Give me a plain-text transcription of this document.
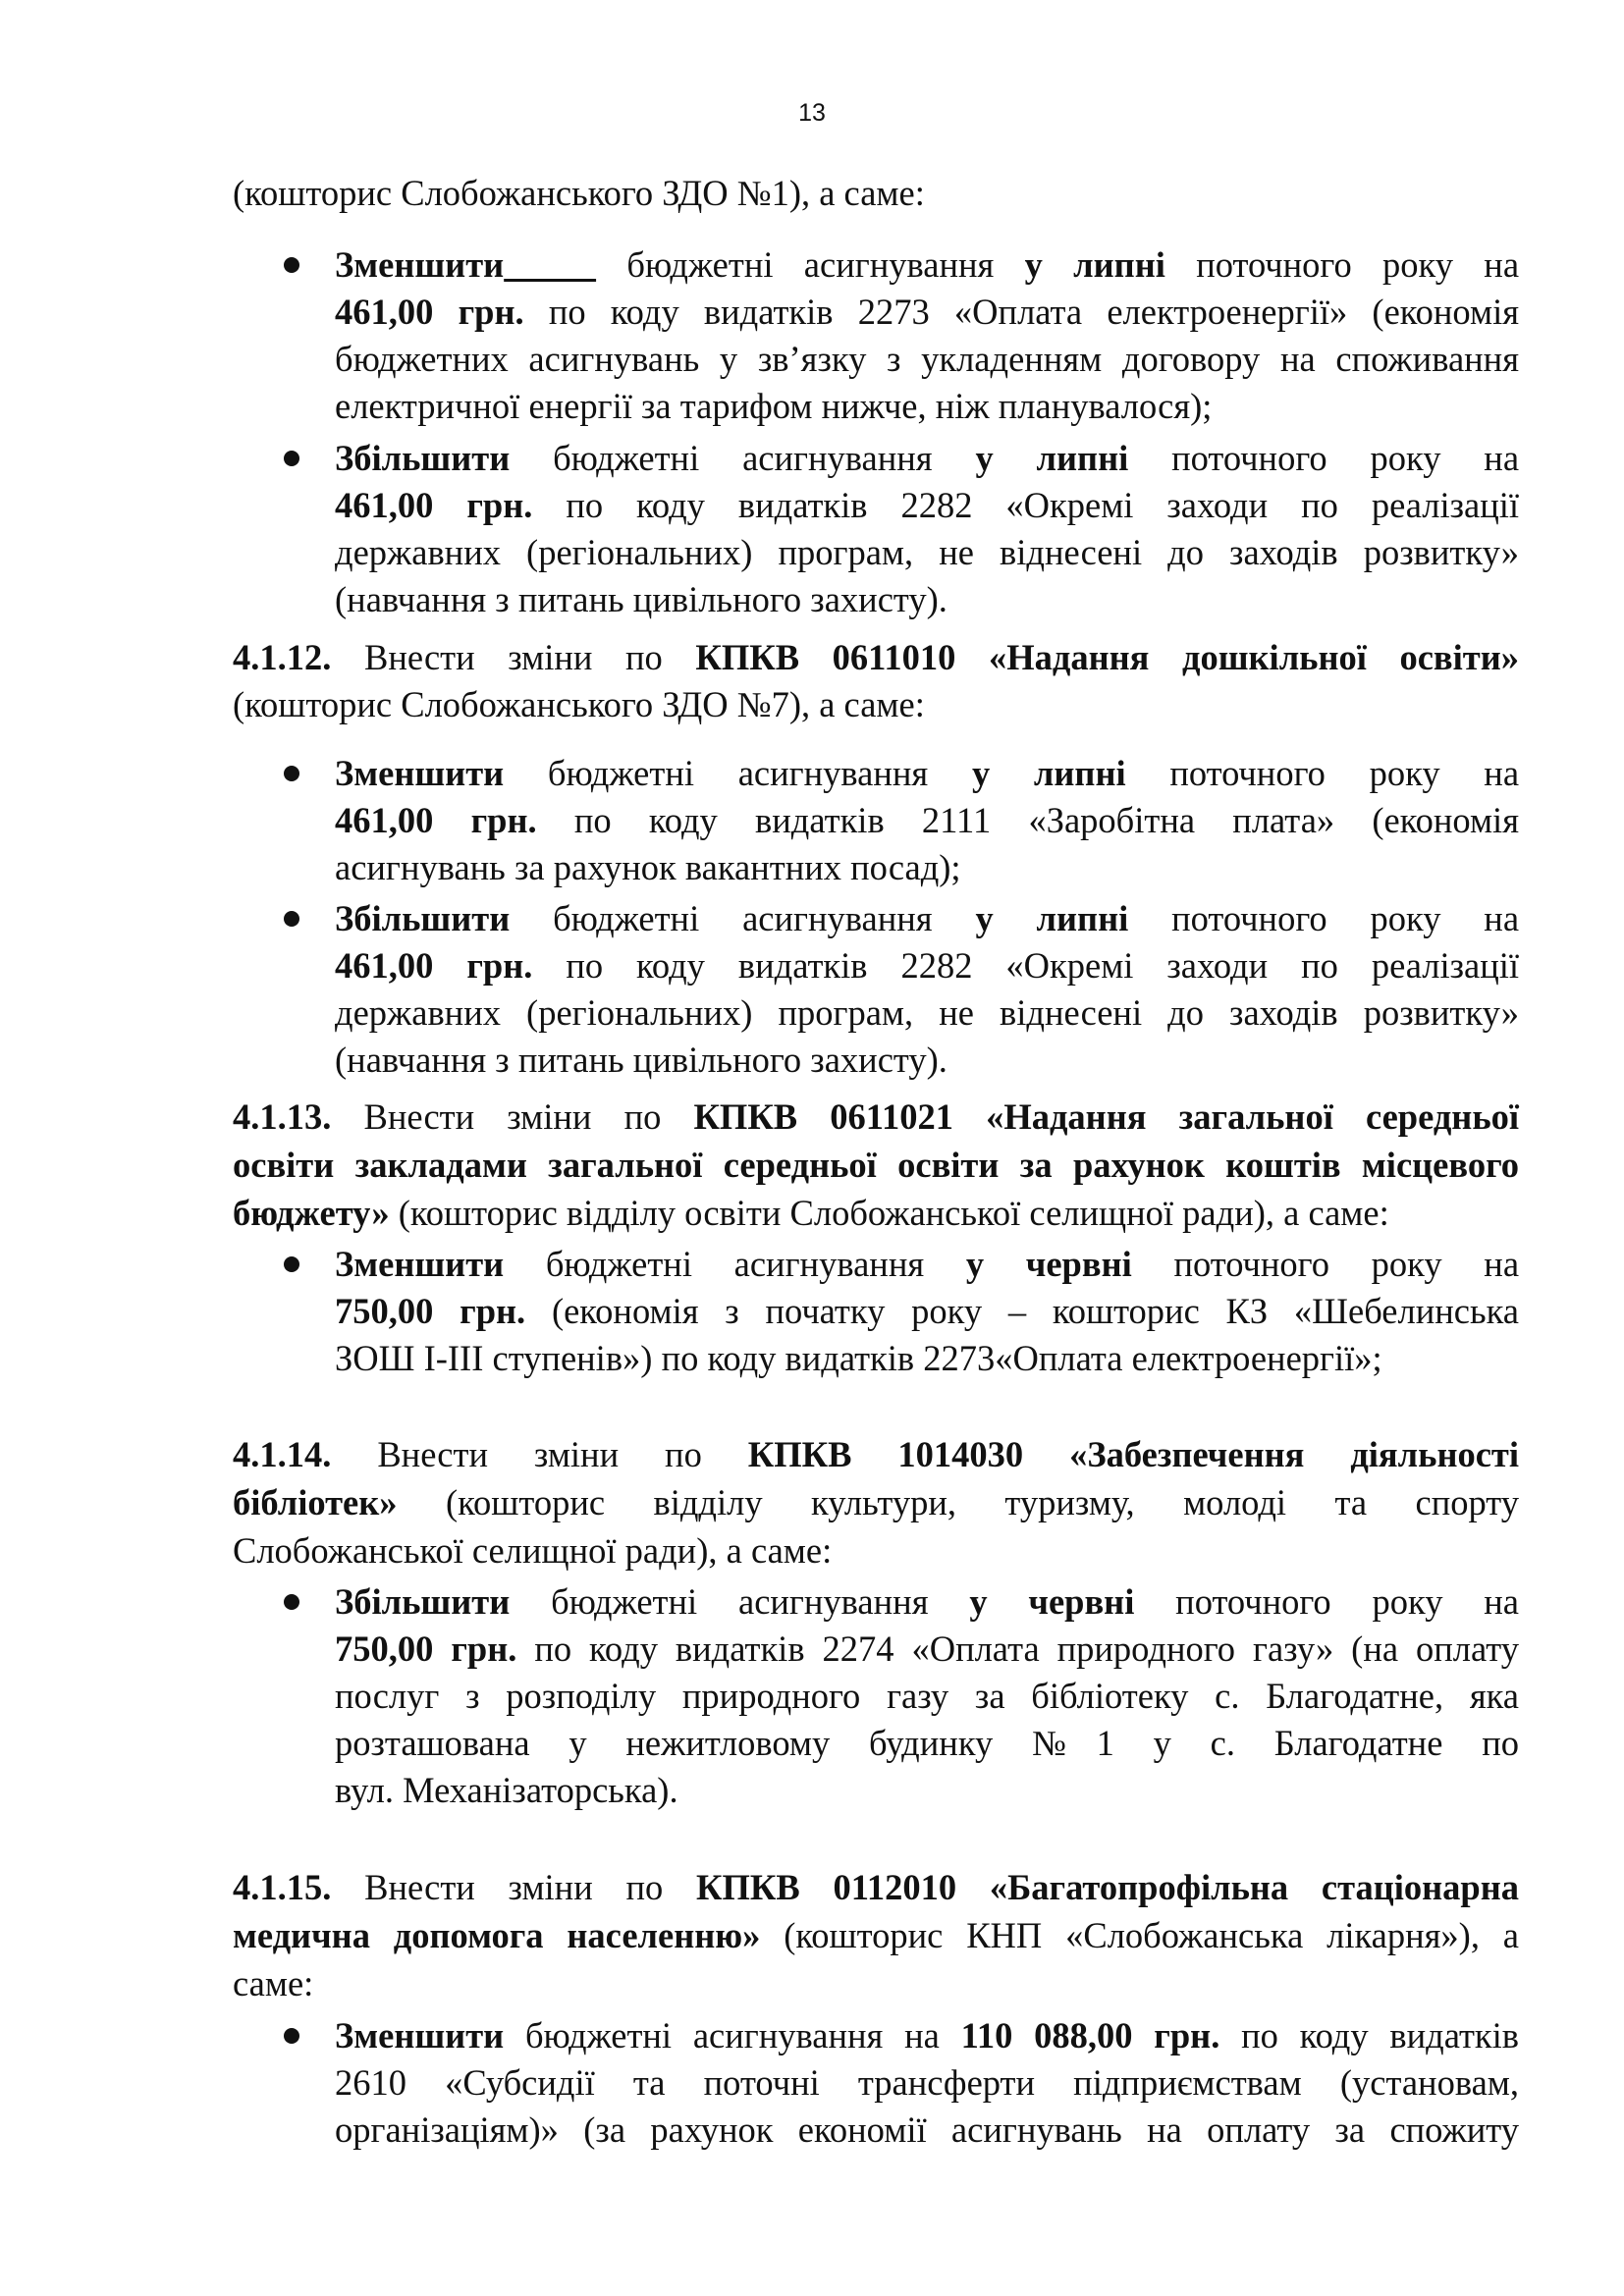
13
(кошторис Слобожанського ЗДО №1), а саме:
Зменшити	бюджетні асигнування у липні поточного року на
461,00 грн. по коду видатків 2273 «Оплата електроенергії» (економія
бюджетних асигнувань у зв’язку з укладенням договору на споживання
електричної енергії за тарифом нижче, ніж планувалося);
Збільшити бюджетні асигнування у липні поточного року на
461,00 грн. по коду видатків 2282 «Окремі заходи по реалізації
державних (регіональних) програм, не віднесені до заходів розвитку»
(навчання з питань цивільного захисту).
4.1.12. Внести зміни по КПКВ 0611010 «Надання дошкільної освіти»
(кошторис Слобожанського ЗДО №7), а саме:
Зменшити бюджетні асигнування у липні поточного року на
461,00 грн. по коду видатків 2111 «Заробітна плата» (економія
асигнувань за рахунок вакантних посад);
Збільшити бюджетні асигнування у липні поточного року на
461,00 грн. по коду видатків 2282 «Окремі заходи по реалізації
державних (регіональних) програм, не віднесені до заходів розвитку»
(навчання з питань цивільного захисту).
4.1.13. Внести зміни по КПКВ 0611021 «Надання загальної середньої
освіти закладами загальної середньої освіти за рахунок коштів місцевого
бюджету» (кошторис відділу освіти Слобожанської селищної ради), а саме:
Зменшити бюджетні асигнування у червні поточного року на
750,00 грн. (економія з початку року – кошторис КЗ «Шебелинська
ЗОШ І-ІІІ ступенів») по коду видатків 2273«Оплата електроенергії»;
4.1.14. Внести зміни по КПКВ 1014030 «Забезпечення діяльності
бібліотек» (кошторис відділу культури, туризму, молоді та спорту
Слобожанської селищної ради), а саме:
Збільшити бюджетні асигнування у червні поточного року на
750,00 грн. по коду видатків 2274 «Оплата природного газу» (на оплату
послуг з розподілу природного газу за бібліотеку с. Благодатне, яка
розташована у нежитловому будинку №1 у с. Благодатне по
вул. Механізаторська).
4.1.15. Внести зміни по КПКВ 0112010 «Багатопрофільна стаціонарна
медична допомога населенню» (кошторис КНП «Слобожанська лікарня»), а
саме:
Зменшити бюджетні асигнування на 110 088,00 грн. по коду видатків
2610 «Субсидії та поточні трансферти підприємствам (установам,
організаціям)» (за рахунок економії асигнувань на оплату за спожиту
